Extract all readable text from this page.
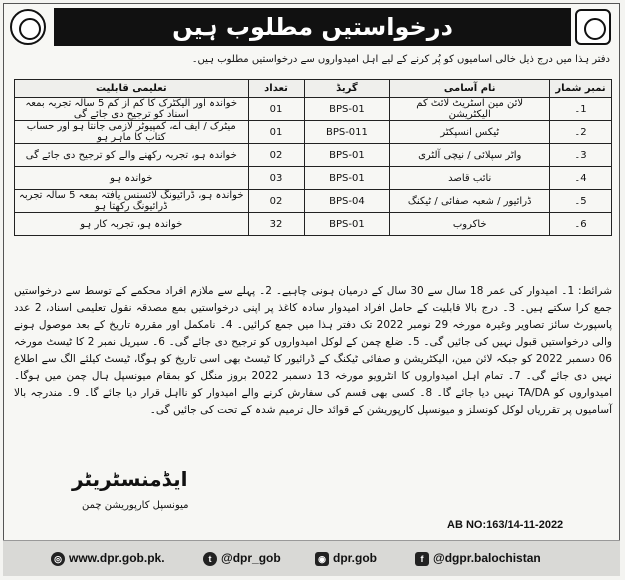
درخواستیں مطلوب ہیں
دفتر ہذا میں درج ذیل خالی اسامیوں کو پُر کرنے کے لیے اہل امیدواروں سے درخواستیں مطلوب ہیں۔
نمبر شمار	نام آسامی	گریڈ	تعداد	تعلیمی قابلیت
1۔	لائن مین اسٹریٹ لائٹ کم الیکٹریشن	BPS-01	01	خواندہ اور الیکٹرک کا کم از کم 5 سالہ تجربہ بمعہ اسناد کو ترجیح دی جائے گی
2۔	ٹیکس انسپکٹر	BPS-011	01	میٹرک / ایف اے، کمپیوٹر لازمی جانتا ہو اور حساب کتاب کا ماہر ہو
3۔	واٹر سپلائی / نیچی آلٹری	BPS-01	02	خواندہ ہو، تجربہ رکھنے والے کو ترجیح دی جائے گی
4۔	نائب قاصد	BPS-01	03	خواندہ ہو
5۔	ڈرائیور / شعبہ صفائی / ٹیکنگ	BPS-04	02	خواندہ ہو، ڈرائیونگ لائسنس یافتہ بمعہ 5 سالہ تجربہ ڈرائیونگ رکھتا ہو
6۔	خاکروب	BPS-01	32	خواندہ ہو، تجربہ کار ہو
شرائط: 1۔ امیدوار کی عمر 18 سال سے 30 سال کے درمیان ہونی چاہیے۔ 2۔ پہلے سے ملازم افراد محکمے کے توسط سے درخواستیں جمع کرا سکتے ہیں۔ 3۔ درج بالا قابلیت کے حامل افراد امیدوار سادہ کاغذ پر اپنی درخواستیں بمع مصدقہ نقول تعلیمی اسناد، 2 عدد پاسپورٹ سائز تصاویر وغیرہ مورخہ 29 نومبر 2022 تک دفتر ہذا میں جمع کرائیں۔ 4۔ نامکمل اور مقررہ تاریخ کے بعد موصول ہونے والی درخواستیں قبول نہیں کی جائیں گی۔ 5۔ ضلع چمن کے لوکل امیدواروں کو ترجیح دی جائے گی۔ 6۔ سیریل نمبر 2 کا ٹیسٹ مورخہ 06 دسمبر 2022 کو جبکہ لائن مین، الیکٹریشن و صفائی ٹیکنگ کے ڈرائیور کا ٹیسٹ بھی اسی تاریخ کو ہوگا، ٹیسٹ کیلئے الگ سے اطلاع نہیں دی جائے گی۔ 7۔ تمام اہل امیدواروں کا انٹرویو مورخہ 13 دسمبر 2022 بروز منگل کو بمقام میونسپل ہال چمن میں ہوگا۔ امیدواروں کو TA/DA نہیں دیا جائے گا۔ 8۔ کسی بھی قسم کی سفارش کرنے والے امیدوار کو نااہل قرار دیا جائے گا۔ 9۔ مندرجہ بالا آسامیوں پر تقرریاں لوکل کونسلز و میونسپل کارپوریشن کے قوائد حال ترمیم شدہ کے تحت کی جائیں گی۔
ایڈمنسٹریٹر
میونسپل کارپوریشن چمن
AB NO:163/14-11-2022
◎ www.dpr.gob.pk.	t @dpr_gob	◉ dpr.gob	f @dgpr.balochistan
